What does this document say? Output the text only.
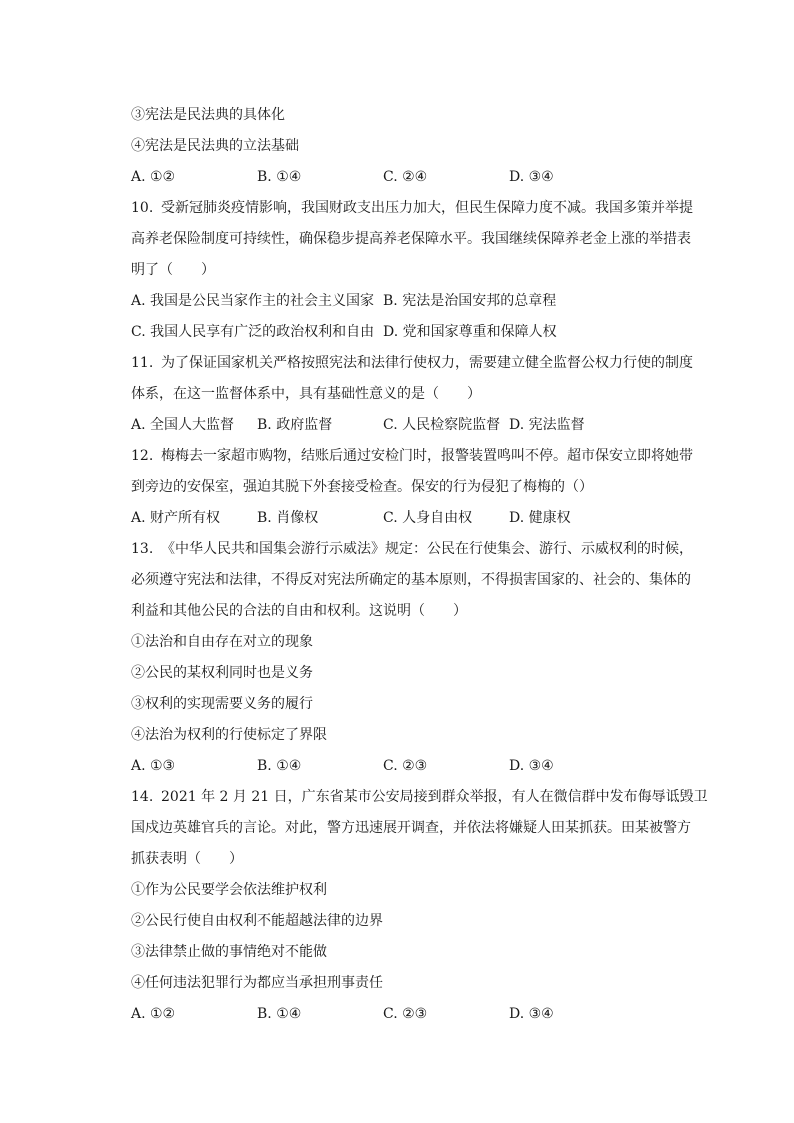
③宪法是民法典的具体化
④宪法是民法典的立法基础
A. ①②	B. ①④	C. ②④	D. ③④
10. 受新冠肺炎疫情影响，我国财政支出压力加大，但民生保障力度不减。我国多策并举提
高养老保险制度可持续性，确保稳步提高养老保障水平。我国继续保障养老金上涨的举措表
明了（　　）
A. 我国是公民当家作主的社会主义国家 B. 宪法是治国安邦的总章程
C. 我国人民享有广泛的政治权利和自由 D. 党和国家尊重和保障人权
11. 为了保证国家机关严格按照宪法和法律行使权力，需要建立健全监督公权力行使的制度
体系，在这一监督体系中，具有基础性意义的是（　　）
A. 全国人大监督	B. 政府监督	C. 人民检察院监督 D. 宪法监督
12. 梅梅去一家超市购物，结账后通过安检门时，报警装置鸣叫不停。超市保安立即将她带
到旁边的安保室，强迫其脱下外套接受检查。保安的行为侵犯了梅梅的（）
A. 财产所有权	B. 肖像权	C. 人身自由权	D. 健康权
13. 《中华人民共和国集会游行示威法》规定：公民在行使集会、游行、示威权利的时候，
必须遵守宪法和法律，不得反对宪法所确定的基本原则，不得损害国家的、社会的、集体的
利益和其他公民的合法的自由和权利。这说明（　　）
①法治和自由存在对立的现象
②公民的某权利同时也是义务
③权利的实现需要义务的履行
④法治为权利的行使标定了界限
A. ①③	B. ①④	C. ②③	D. ③④
14. 2021 年 2 月 21 日，广东省某市公安局接到群众举报，有人在微信群中发布侮辱诋毁卫
国戍边英雄官兵的言论。对此，警方迅速展开调查，并依法将嫌疑人田某抓获。田某被警方
抓获表明（　　）
①作为公民要学会依法维护权利
②公民行使自由权利不能超越法律的边界
③法律禁止做的事情绝对不能做
④任何违法犯罪行为都应当承担刑事责任
A. ①②	B. ①④	C. ②③	D. ③④
